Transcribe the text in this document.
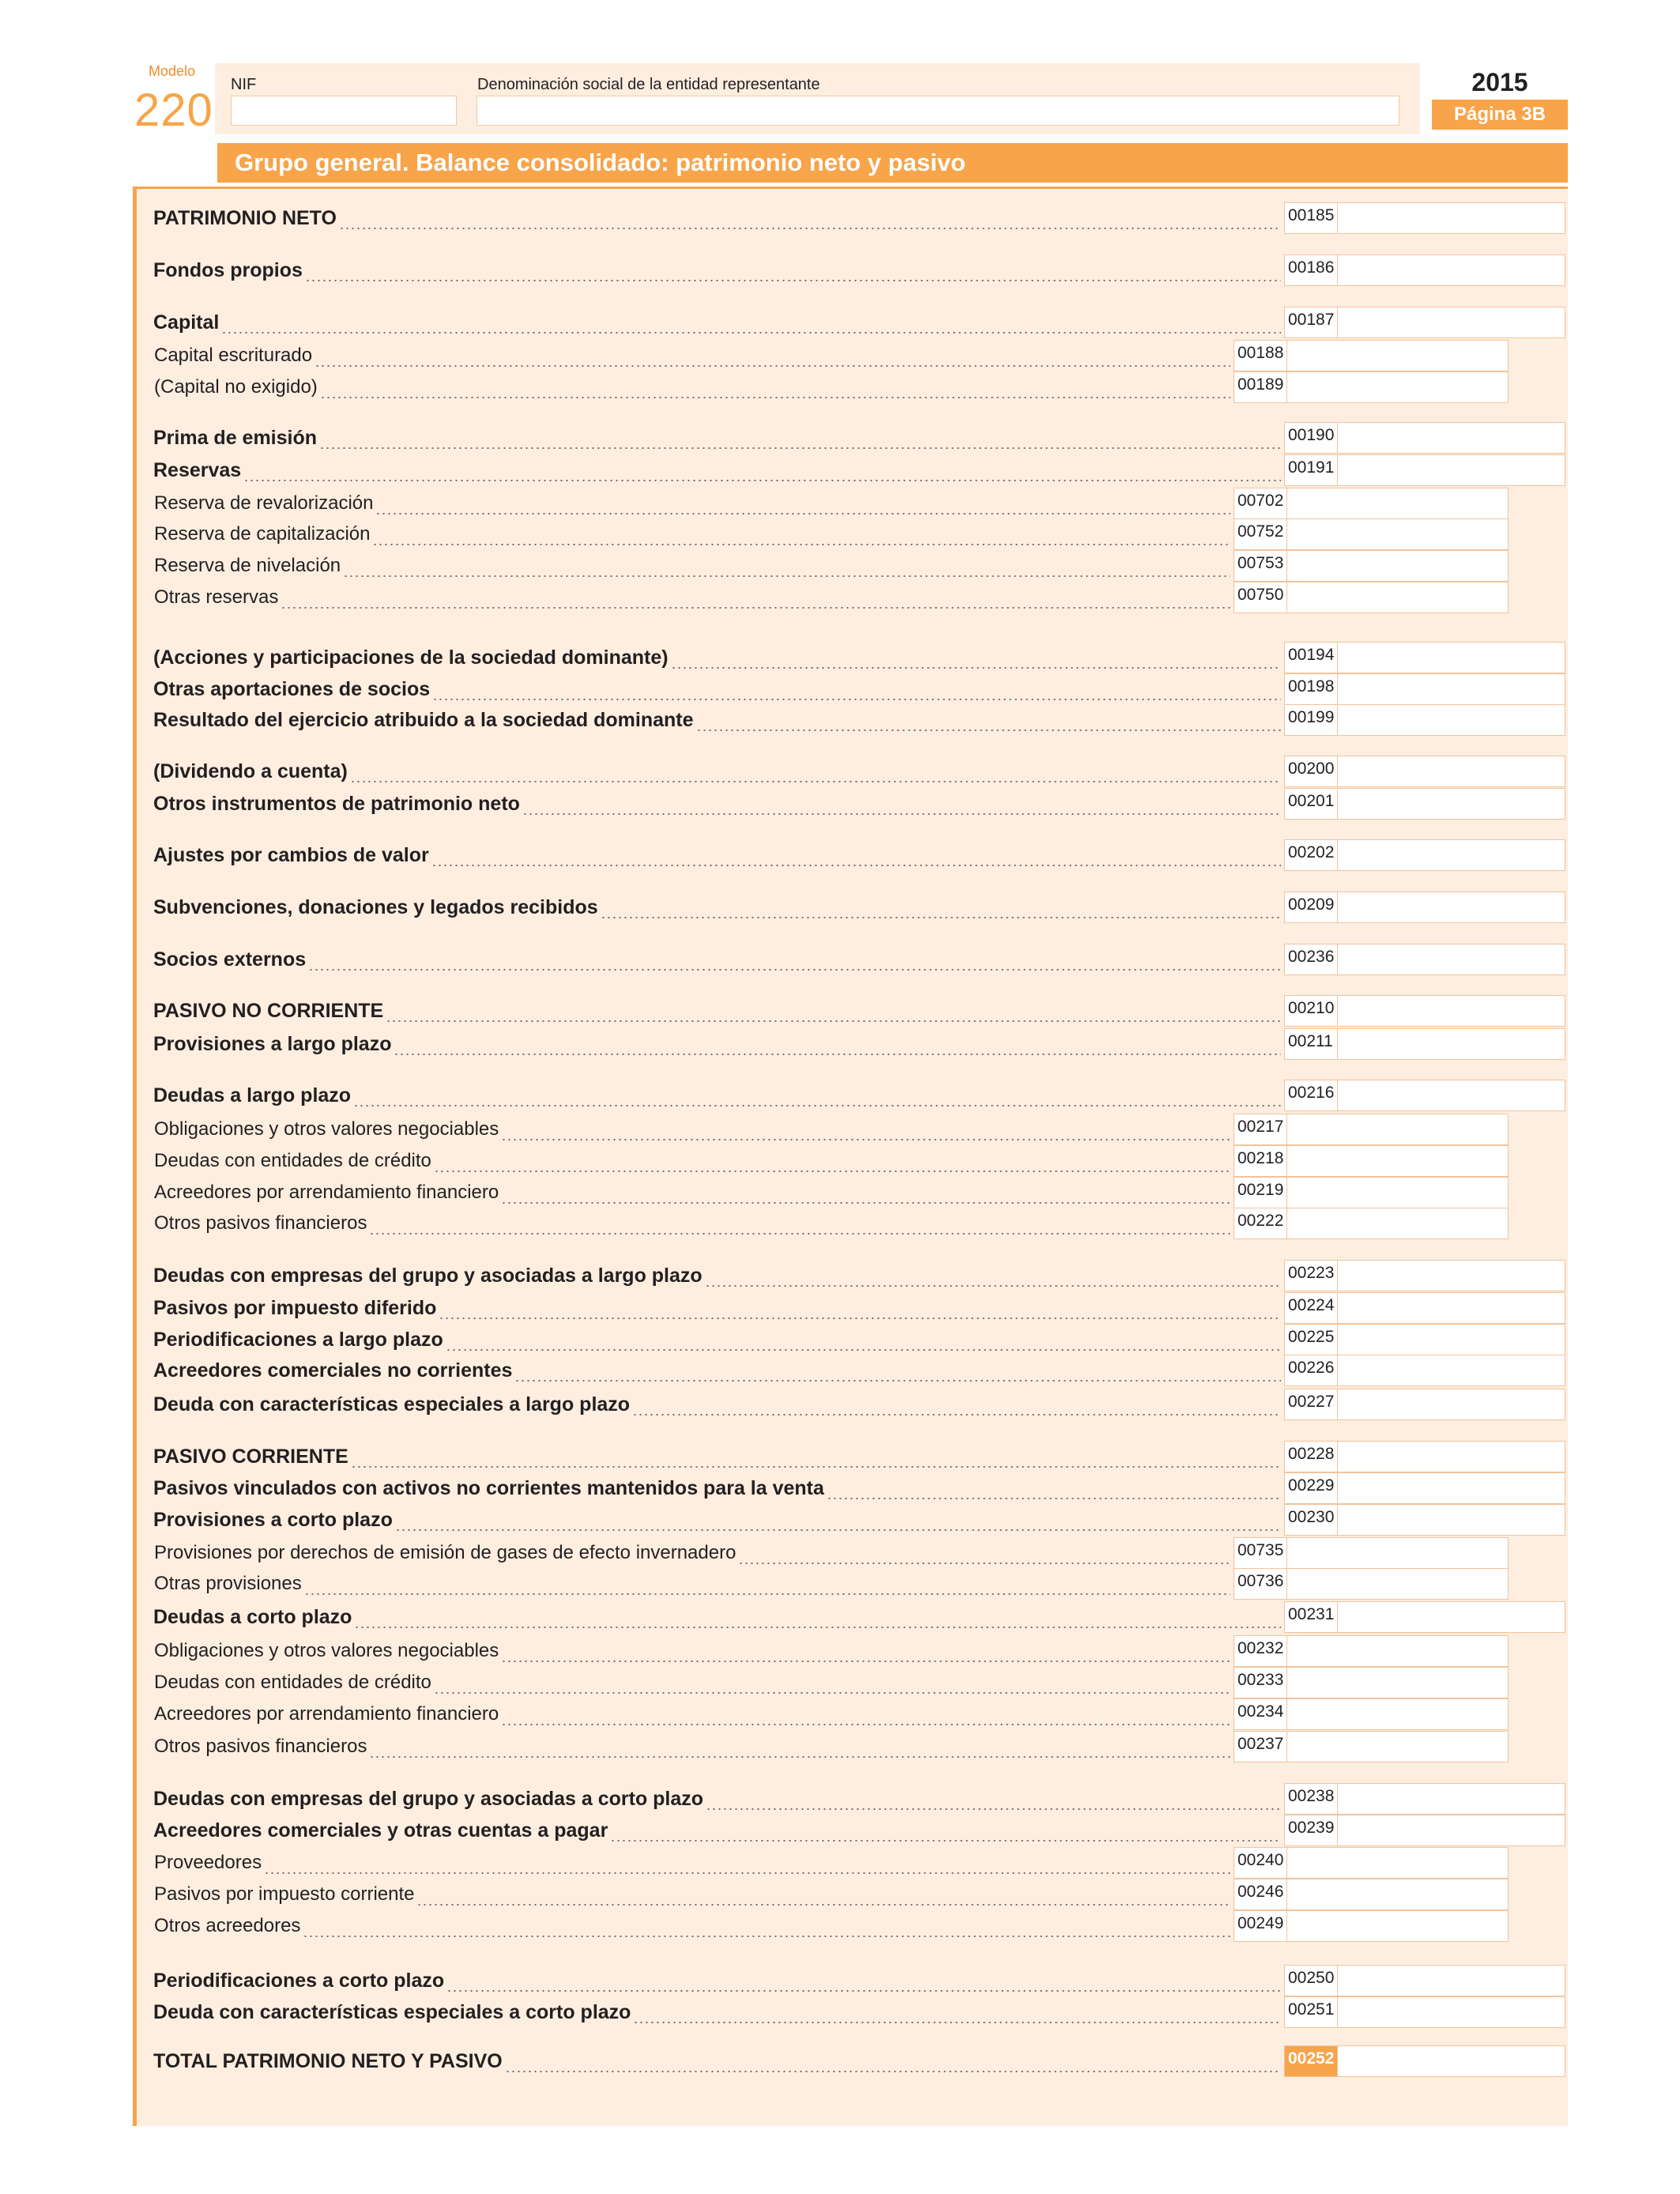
Modelo
220 NIF	Denominación social de la entidad representante	2015
Página 3B
Grupo general. Balance consolidado: patrimonio neto y pasivo
PATRIMONIO NETO	00185
Fondos propios	00186
Capital	00187
Capital escriturado	00188
(Capital no exigido)	00189
Prima de emisión	00190
Reservas	00191
Reserva de revalorización	00702
Reserva de capitalización	00752
Reserva de nivelación	00753
Otras reservas	00750
(Acciones y participaciones de la sociedad dominante)	00194
Otras aportaciones de socios	00198
Resultado del ejercicio atribuido a la sociedad dominante	00199
(Dividendo a cuenta)	00200
Otros instrumentos de patrimonio neto	00201
Ajustes por cambios de valor	00202
Subvenciones, donaciones y legados recibidos	00209
Socios externos	00236
PASIVO NO CORRIENTE	00210
Provisiones a largo plazo	00211
Deudas a largo plazo	00216
Obligaciones y otros valores negociables	00217
Deudas con entidades de crédito	00218
Acreedores por arrendamiento financiero	00219
Otros pasivos financieros	00222
Deudas con empresas del grupo y asociadas a largo plazo	00223
Pasivos por impuesto diferido	00224
Periodificaciones a largo plazo	00225
Acreedores comerciales no corrientes	00226
Deuda con características especiales a largo plazo	00227
PASIVO CORRIENTE	00228
Pasivos vinculados con activos no corrientes mantenidos para la venta	00229
Provisiones a corto plazo	00230
Provisiones por derechos de emisión de gases de efecto invernadero	00735
Otras provisiones	00736
Deudas a corto plazo	00231
Obligaciones y otros valores negociables	00232
Deudas con entidades de crédito	00233
Acreedores por arrendamiento financiero	00234
Otros pasivos financieros	00237
Deudas con empresas del grupo y asociadas a corto plazo	00238
Acreedores comerciales y otras cuentas a pagar	00239
Proveedores	00240
Pasivos por impuesto corriente	00246
Otros acreedores	00249
Periodificaciones a corto plazo	00250
Deuda con características especiales a corto plazo	00251
TOTAL PATRIMONIO NETO Y PASIVO	00252
